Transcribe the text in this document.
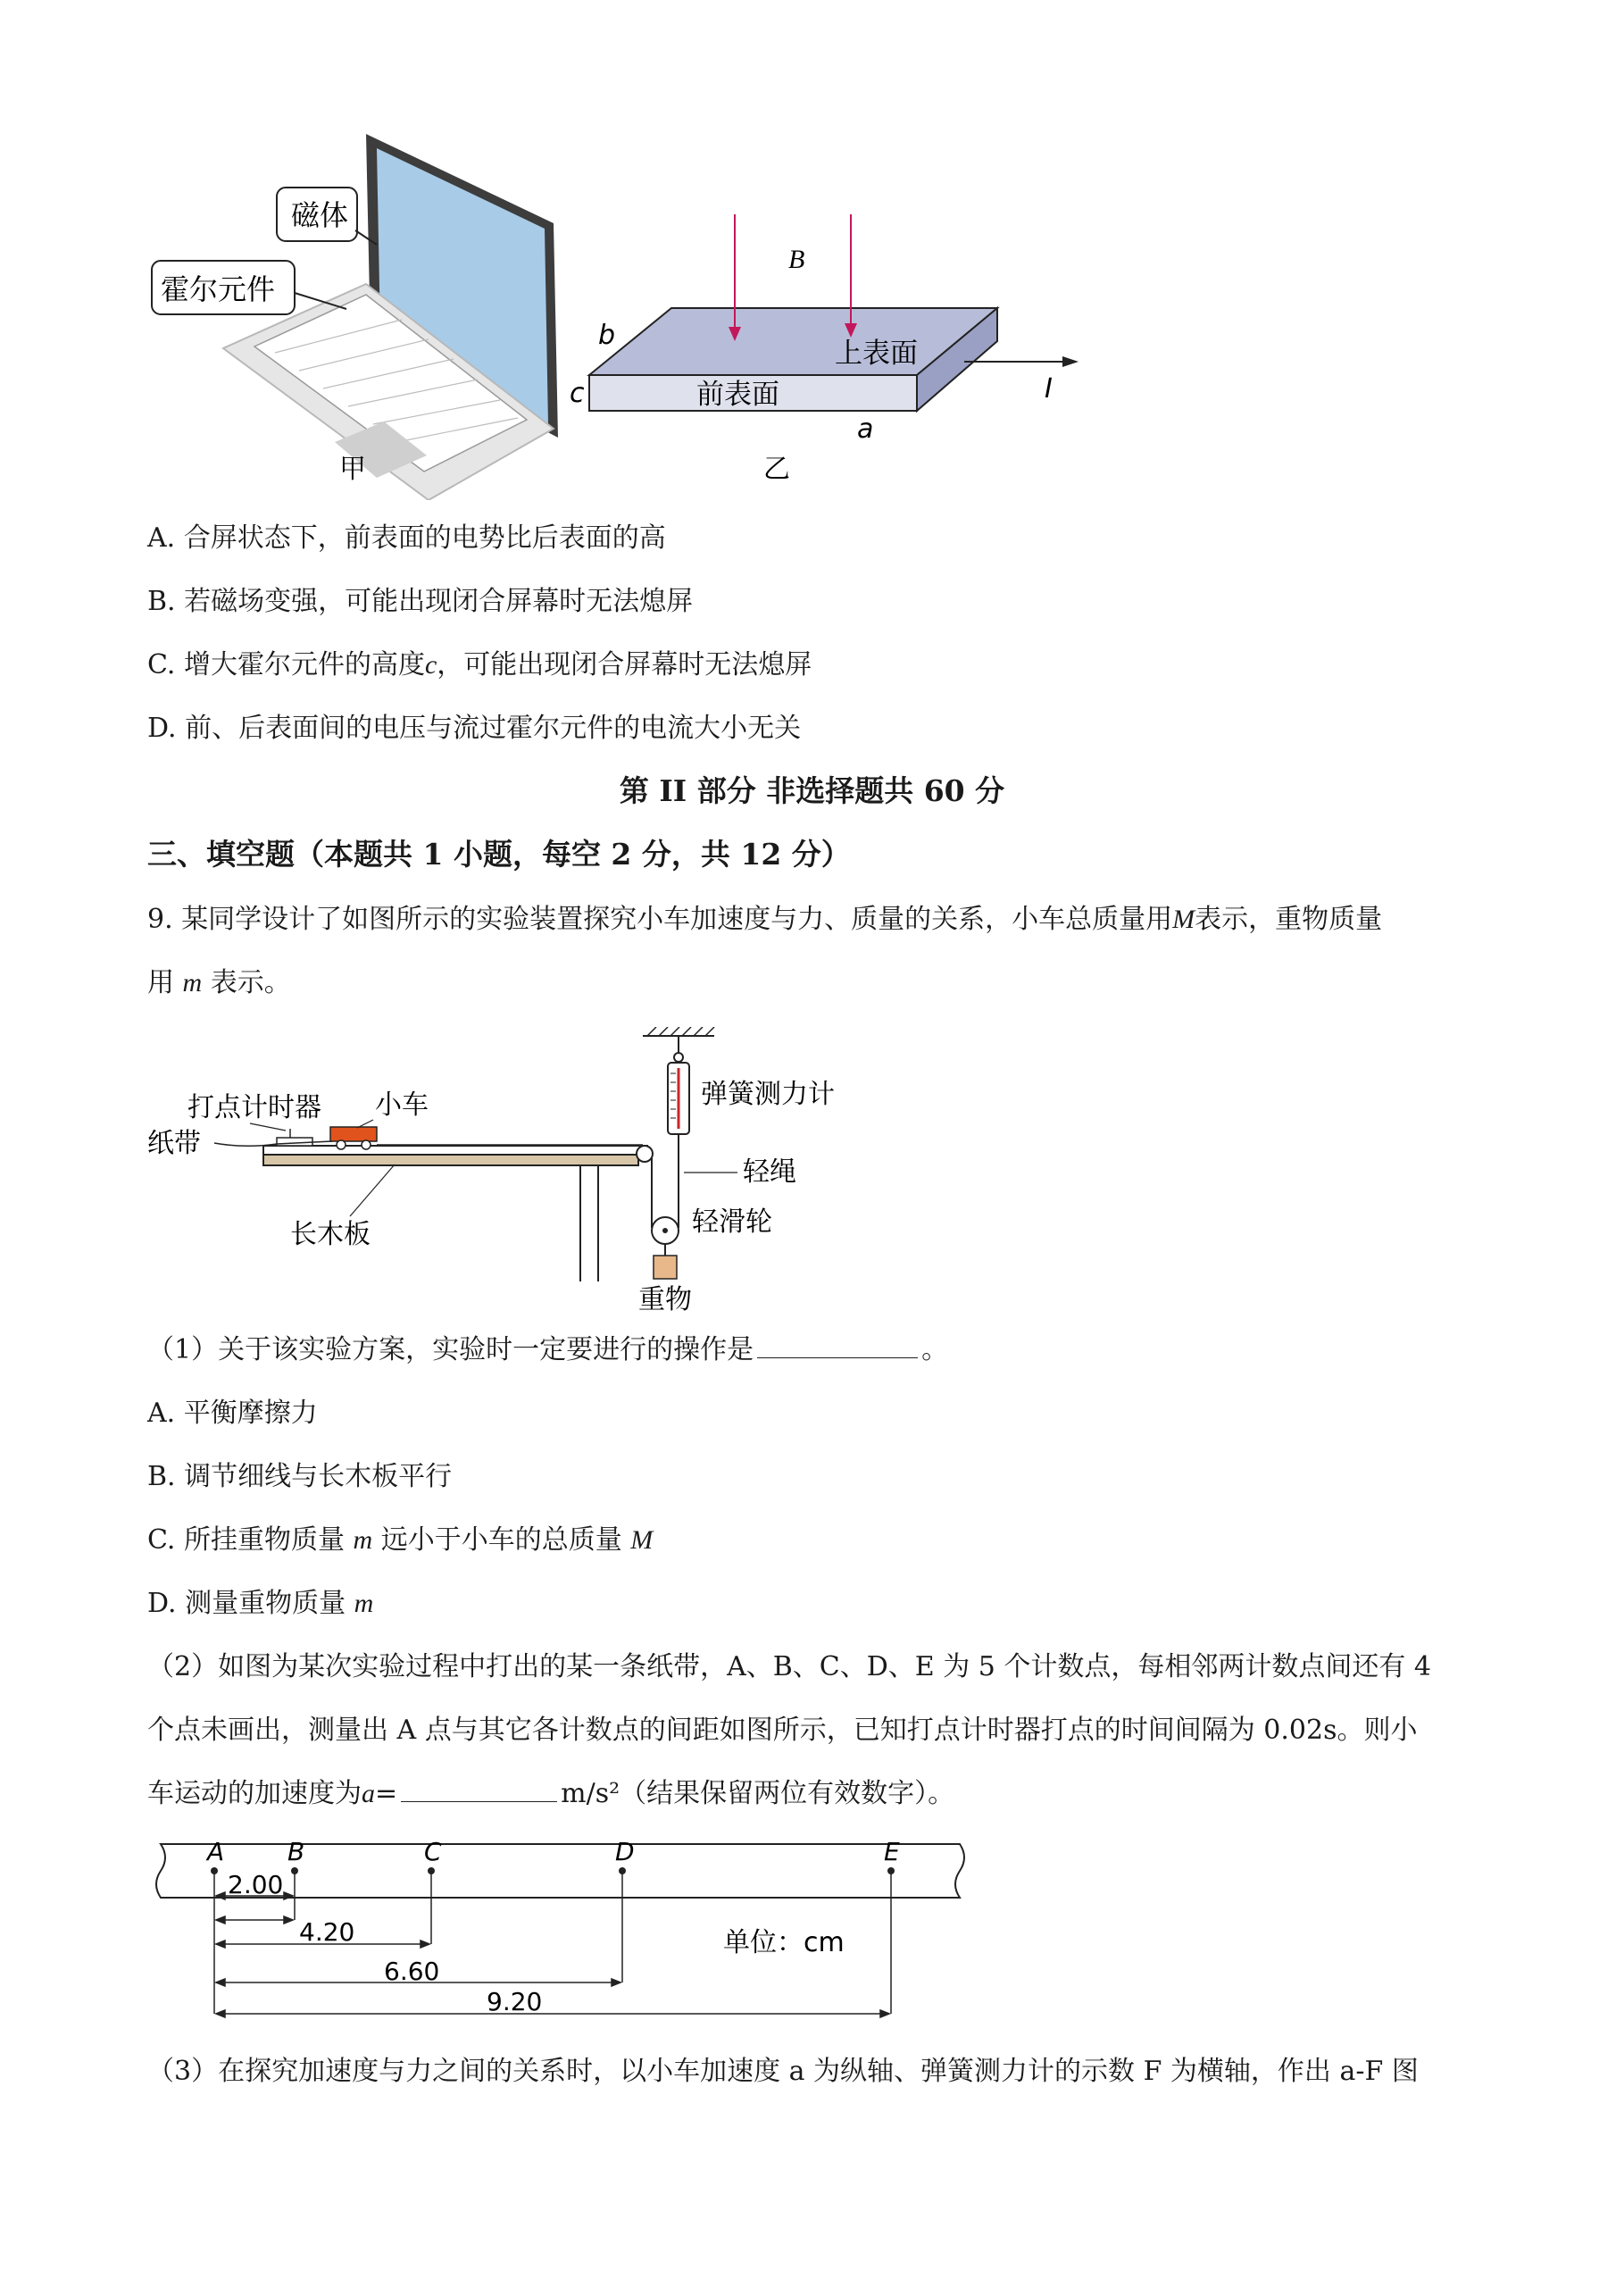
磁体
霍尔元件
甲
B
b
c
a
上表面
前表面	I
乙
A. 合屏状态下，前表面的电势比后表面的高
B. 若磁场变强，可能出现闭合屏幕时无法熄屏
C. 增大霍尔元件的高度c，可能出现闭合屏幕时无法熄屏
D. 前、后表面间的电压与流过霍尔元件的电流大小无关
第 II 部分 非选择题共 60 分
三、填空题（本题共 1 小题，每空 2 分，共 12 分）
9. 某同学设计了如图所示的实验装置探究小车加速度与力、质量的关系，小车总质量用M表示，重物质量
用 m 表示。
打点计时器 小车
纸带
长木板
弹簧测力计
轻绳
轻滑轮
重物
（1）关于该实验方案，实验时一定要进行的操作是	。
A. 平衡摩擦力
B. 调节细线与长木板平行
C. 所挂重物质量 m 远小于小车的总质量 M
D. 测量重物质量 m
（2）如图为某次实验过程中打出的某一条纸带，A、B、C、D、E 为 5 个计数点，每相邻两计数点间还有 4
个点未画出，测量出 A 点与其它各计数点的间距如图所示，已知打点计时器打点的时间间隔为 0.02s。则小
车运动的加速度为a=	m/s²（结果保留两位有效数字）。
A	B	C	D	E
2.00
4.20
6.60
9.20
单位：cm
（3）在探究加速度与力之间的关系时，以小车加速度 a 为纵轴、弹簧测力计的示数 F 为横轴，作出 a-F 图
